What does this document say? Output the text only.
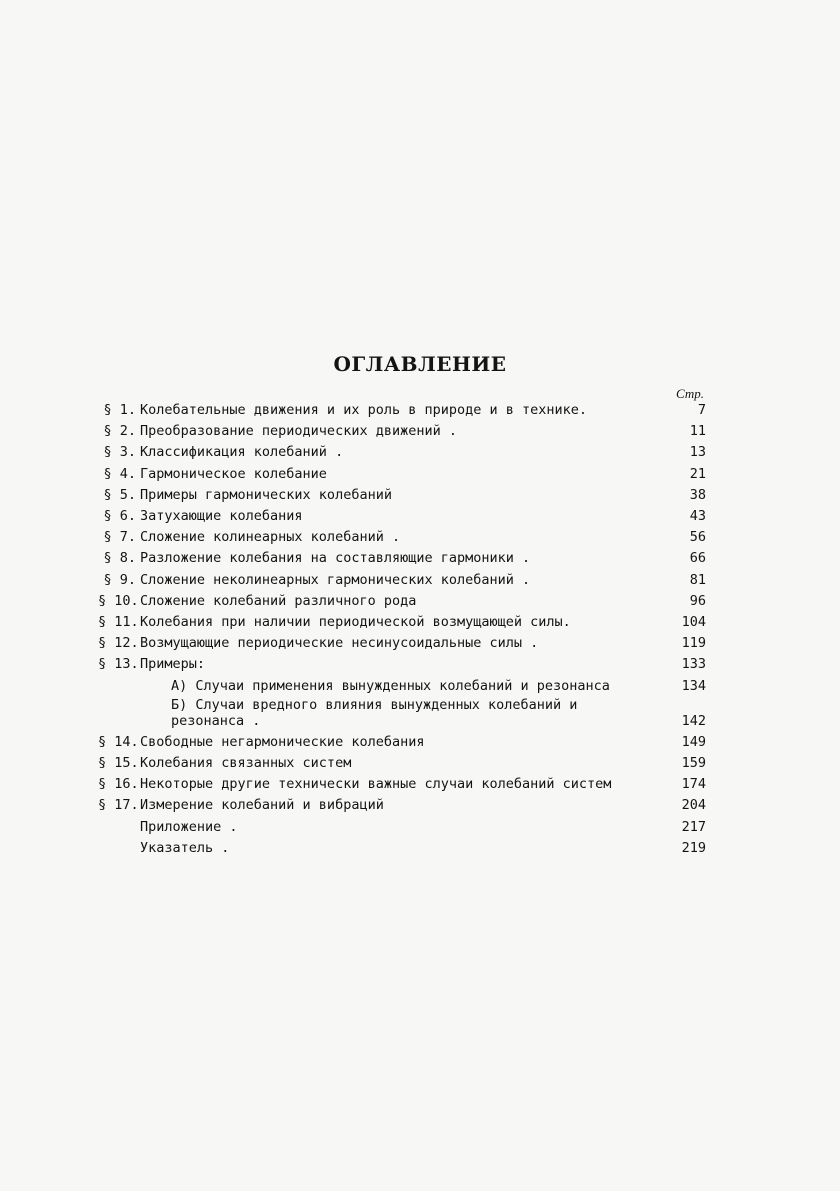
ОГЛАВЛЕНИЕ
Стр.
§ 1. Колебательные движения и их роль в природе и в технике.	7
§ 2. Преобразование периодических движений .	11
§ 3. Классификация колебаний .	13
§ 4. Гармоническое колебание	21
§ 5. Примеры гармонических колебаний	38
§ 6. Затухающие колебания	43
§ 7. Сложение колинеарных колебаний .	56
§ 8. Разложение колебания на составляющие гармоники .	66
§ 9. Сложение неколинеарных гармонических колебаний .	81
§ 10. Сложение колебаний различного рода	96
§ 11. Колебания при наличии периодической возмущающей силы.	104
§ 12. Возмущающие периодические несинусоидальные силы .	119
§ 13. Примеры:	133
А) Случаи применения вынужденных колебаний и резонанса	134
Б) Случаи вредного влияния вынужденных колебаний и резонанса .	142
§ 14. Свободные негармонические колебания	149
§ 15. Колебания связанных систем	159
§ 16. Некоторые другие технически важные случаи колебаний систем	174
§ 17. Измерение колебаний и вибраций	204
Приложение .	217
Указатель .	219
